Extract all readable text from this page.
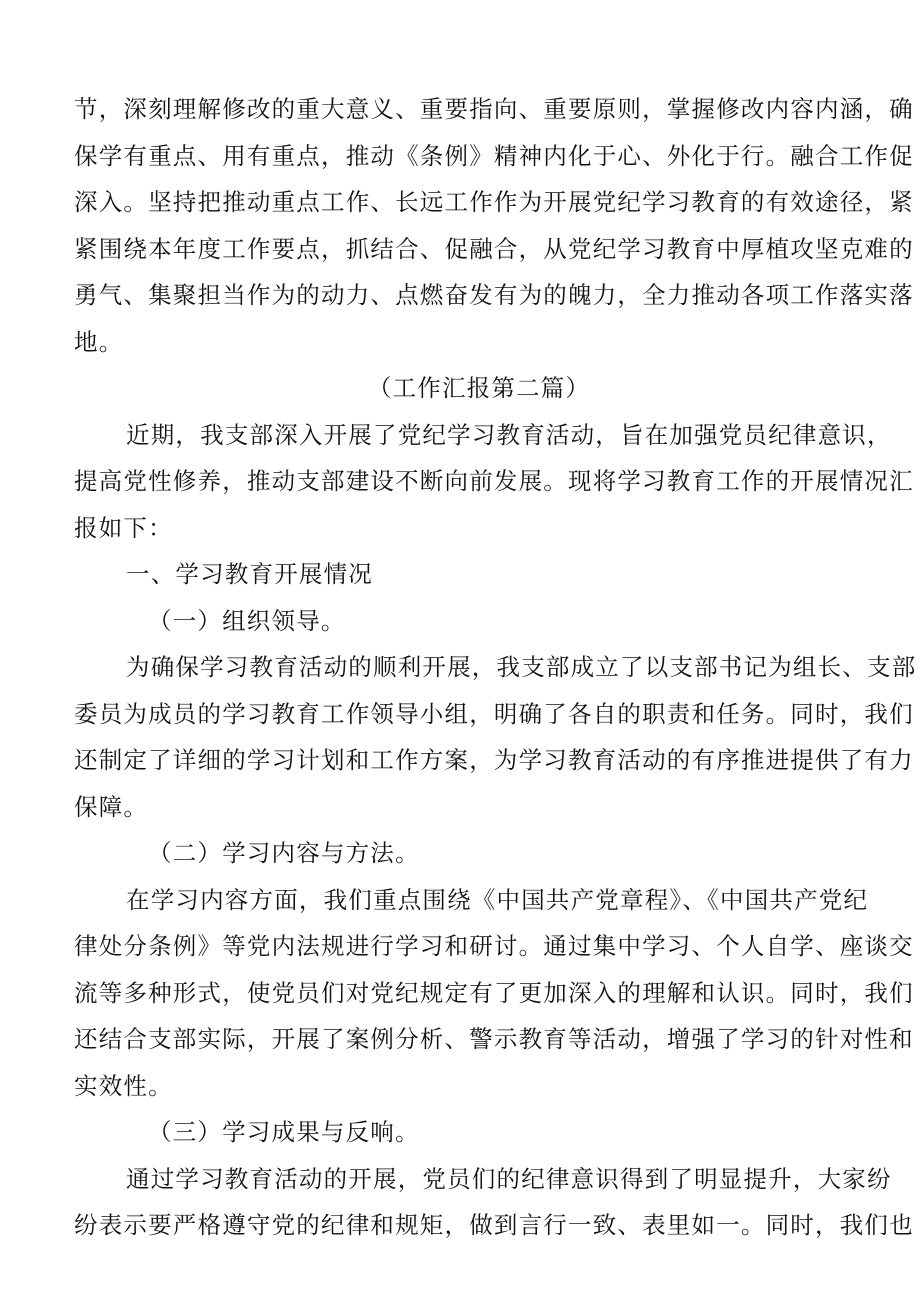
节，深刻理解修改的重大意义、重要指向、重要原则，掌握修改内容内涵，确
保学有重点、用有重点，推动《条例》精神内化于心、外化于行。融合工作促
深入。坚持把推动重点工作、长远工作作为开展党纪学习教育的有效途径，紧
紧围绕本年度工作要点，抓结合、促融合，从党纪学习教育中厚植攻坚克难的
勇气、集聚担当作为的动力、点燃奋发有为的魄力，全力推动各项工作落实落
地。
（工作汇报第二篇）
近期，我支部深入开展了党纪学习教育活动，旨在加强党员纪律意识，
提高党性修养，推动支部建设不断向前发展。现将学习教育工作的开展情况汇
报如下：
一、学习教育开展情况
（一）组织领导。
为确保学习教育活动的顺利开展，我支部成立了以支部书记为组长、支部
委员为成员的学习教育工作领导小组，明确了各自的职责和任务。同时，我们
还制定了详细的学习计划和工作方案，为学习教育活动的有序推进提供了有力
保障。
（二）学习内容与方法。
在学习内容方面，我们重点围绕《中国共产党章程》、《中国共产党纪
律处分条例》等党内法规进行学习和研讨。通过集中学习、个人自学、座谈交
流等多种形式，使党员们对党纪规定有了更加深入的理解和认识。同时，我们
还结合支部实际，开展了案例分析、警示教育等活动，增强了学习的针对性和
实效性。
（三）学习成果与反响。
通过学习教育活动的开展，党员们的纪律意识得到了明显提升，大家纷
纷表示要严格遵守党的纪律和规矩，做到言行一致、表里如一。同时，我们也
